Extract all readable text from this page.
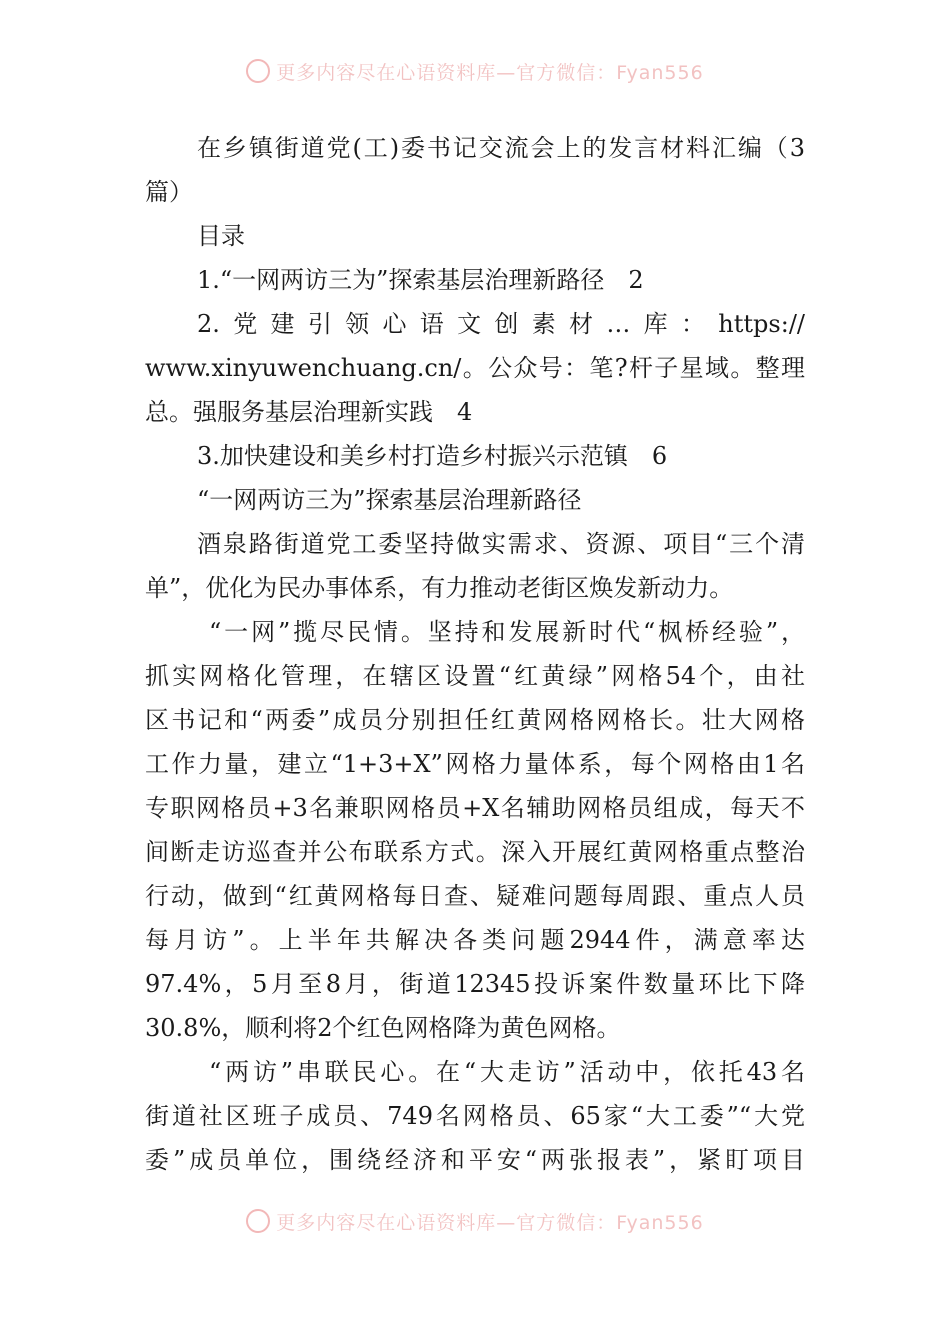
更多内容尽在心语资料库—官方微信：Fyan556
在乡镇街道党(工)委书记交流会上的发言材料汇编（3
篇）
目录
1.“一网两访三为”探索基层治理新路径　2
2.党建引领心语文创素材…库：https://
www.xinyuwenchuang.cn/。公众号：笔?杆子星域。整理
总。强服务基层治理新实践　4
3.加快建设和美乡村打造乡村振兴示范镇　6
“一网两访三为”探索基层治理新路径
酒泉路街道党工委坚持做实需求、资源、项目“三个清
单”，优化为民办事体系，有力推动老街区焕发新动力。
“一网”揽尽民情。坚持和发展新时代“枫桥经验”，
抓实网格化管理，在辖区设置“红黄绿”网格54个，由社
区书记和“两委”成员分别担任红黄网格网格长。壮大网格
工作力量，建立“1+3+X”网格力量体系，每个网格由1名
专职网格员+3名兼职网格员+X名辅助网格员组成，每天不
间断走访巡查并公布联系方式。深入开展红黄网格重点整治
行动，做到“红黄网格每日查、疑难问题每周跟、重点人员
每月访”。上半年共解决各类问题2944件，满意率达
97.4%，5月至8月，街道12345投诉案件数量环比下降
30.8%，顺利将2个红色网格降为黄色网格。
“两访”串联民心。在“大走访”活动中，依托43名
街道社区班子成员、749名网格员、65家“大工委”“大党
委”成员单位，围绕经济和平安“两张报表”，紧盯项目
更多内容尽在心语资料库—官方微信：Fyan556
